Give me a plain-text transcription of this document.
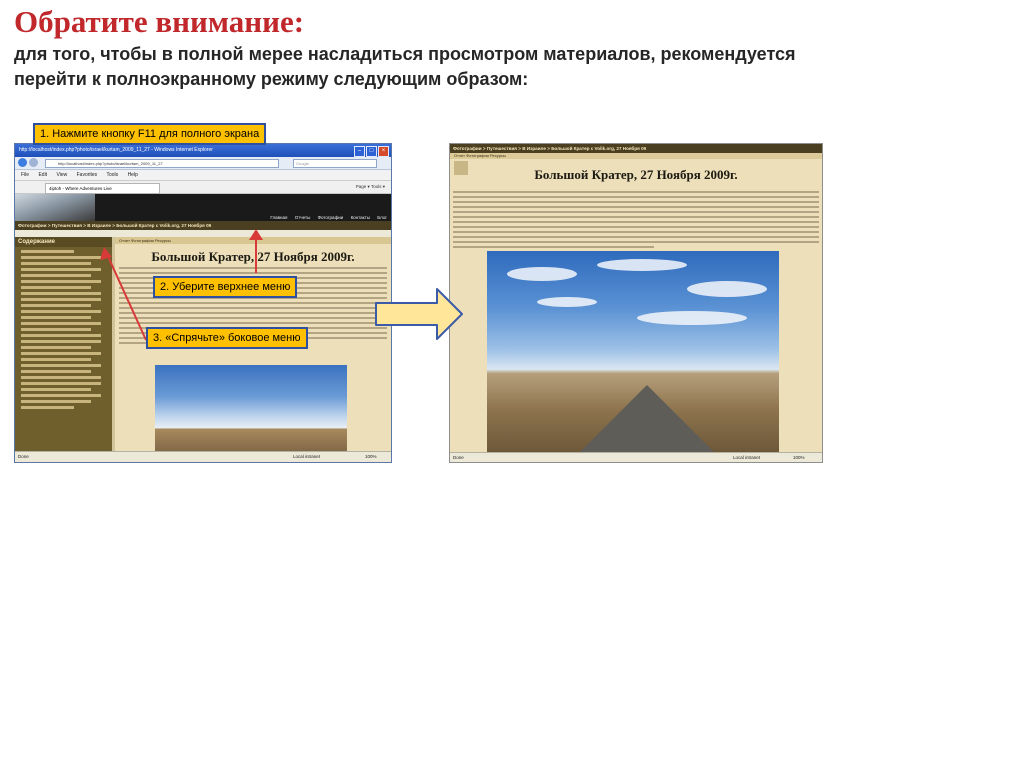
Обратите внимание:

для того, чтобы в полной мерее насладиться просмотром материалов, рекомендуется перейти к полноэкранному режиму следующим образом:

http://localhost/index.php?photo/israel/kurtam_2009_11_27 - Windows Internet Explorer	–	□	×
http://localhost/index.php?photo/israel/kurtam_2009_11_27	Google
File Edit View Favorites Tools Help
4iptoh - Where Adventures Live	Page ▾ Tools ▾
Главная Отчеты Фотографии Контакты Блог
Фотографии > Путешествия > В Израиле > Большой Кратер с Volik.org, 27 Ноября 09
Содержание	Отчет Фотографии Ресурсы
Большой Кратер, 27 Ноября 2009г.
Done	Local intranet	100%
Фотографии > Путешествия > В Израиле > Большой Кратер с Volik.org, 27 Ноября 09
Отчет Фотографии Ресурсы
Большой Кратер, 27 Ноября 2009г.
Done	Local intranet	100%
1. Нажмите кнопку F11 для полного экрана
2. Уберите верхнее меню
3. «Спрячьте» боковое меню
